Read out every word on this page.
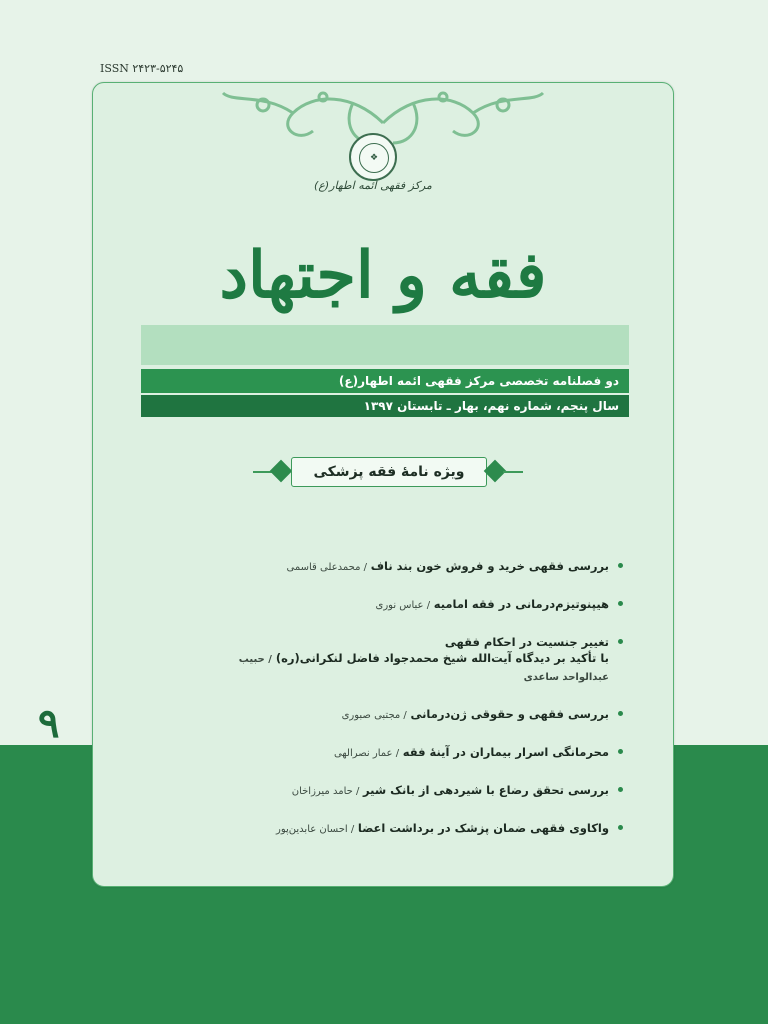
ISSN ۲۴۲۳-۵۲۴۵
۹
❖
مرکز فقهی ائمه اطهار(ع)
فقه و اجتهاد
دو فصلنامه تخصصی مرکز فقهی ائمه اطهار(ع)
سال پنجم، شماره نهم، بهار ـ تابستان ۱۳۹۷
ویژه نامهٔ فقه پزشکی
بررسی فقهی خرید و فروش خون بند ناف / محمدعلی قاسمی
هیپنوتیزم‌درمانی در فقه امامیه / عباس نوری
تغییر جنسیت در احکام فقهی
با تأکید بر دیدگاه آیت‌الله شیخ محمدجواد فاضل لنکرانی(ره) / حبیب عبدالواحد ساعدی
بررسی فقهی و حقوقی ژن‌درمانی / مجتبی صبوری
محرمانگی اسرار بیماران در آینهٔ فقه / عمار نصرالهی
بررسی تحقق رضاع با شیردهی از بانک شیر / حامد میرزاخان
واکاوی فقهی ضمان پزشک در برداشت اعضا / احسان عابدین‌پور
